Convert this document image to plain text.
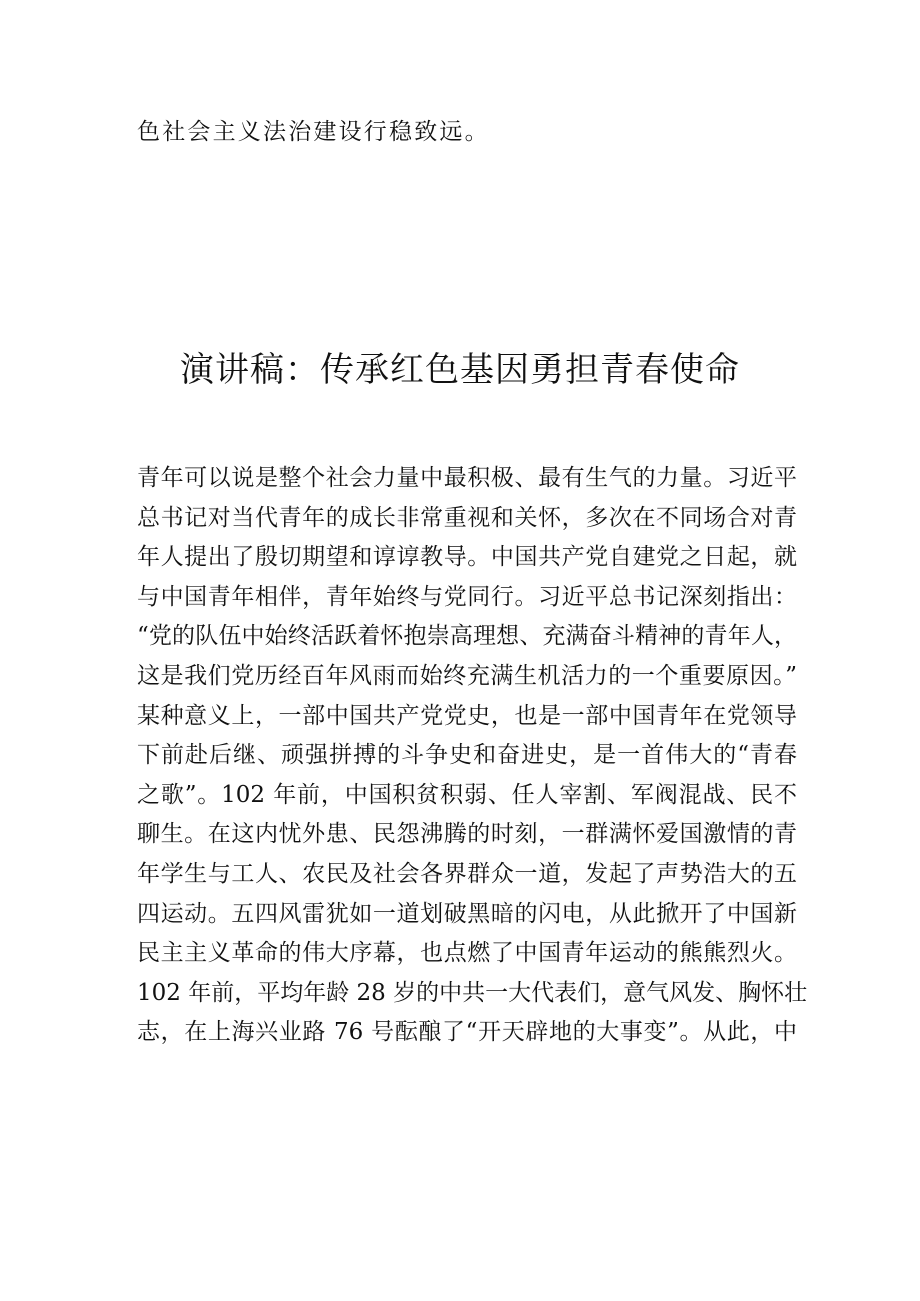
色社会主义法治建设行稳致远。
演讲稿：传承红色基因勇担青春使命
青年可以说是整个社会力量中最积极、最有生气的力量。习近平
总书记对当代青年的成长非常重视和关怀，多次在不同场合对青
年人提出了殷切期望和谆谆教导。中国共产党自建党之日起，就
与中国青年相伴，青年始终与党同行。习近平总书记深刻指出：
“党的队伍中始终活跃着怀抱崇高理想、充满奋斗精神的青年人，
这是我们党历经百年风雨而始终充满生机活力的一个重要原因。”
某种意义上，一部中国共产党党史，也是一部中国青年在党领导
下前赴后继、顽强拼搏的斗争史和奋进史，是一首伟大的“青春
之歌”。102 年前，中国积贫积弱、任人宰割、军阀混战、民不
聊生。在这内忧外患、民怨沸腾的时刻，一群满怀爱国激情的青
年学生与工人、农民及社会各界群众一道，发起了声势浩大的五
四运动。五四风雷犹如一道划破黑暗的闪电，从此掀开了中国新
民主主义革命的伟大序幕，也点燃了中国青年运动的熊熊烈火。
102 年前，平均年龄 28 岁的中共一大代表们，意气风发、胸怀壮
志，在上海兴业路 76 号酝酿了“开天辟地的大事变”。从此，中
